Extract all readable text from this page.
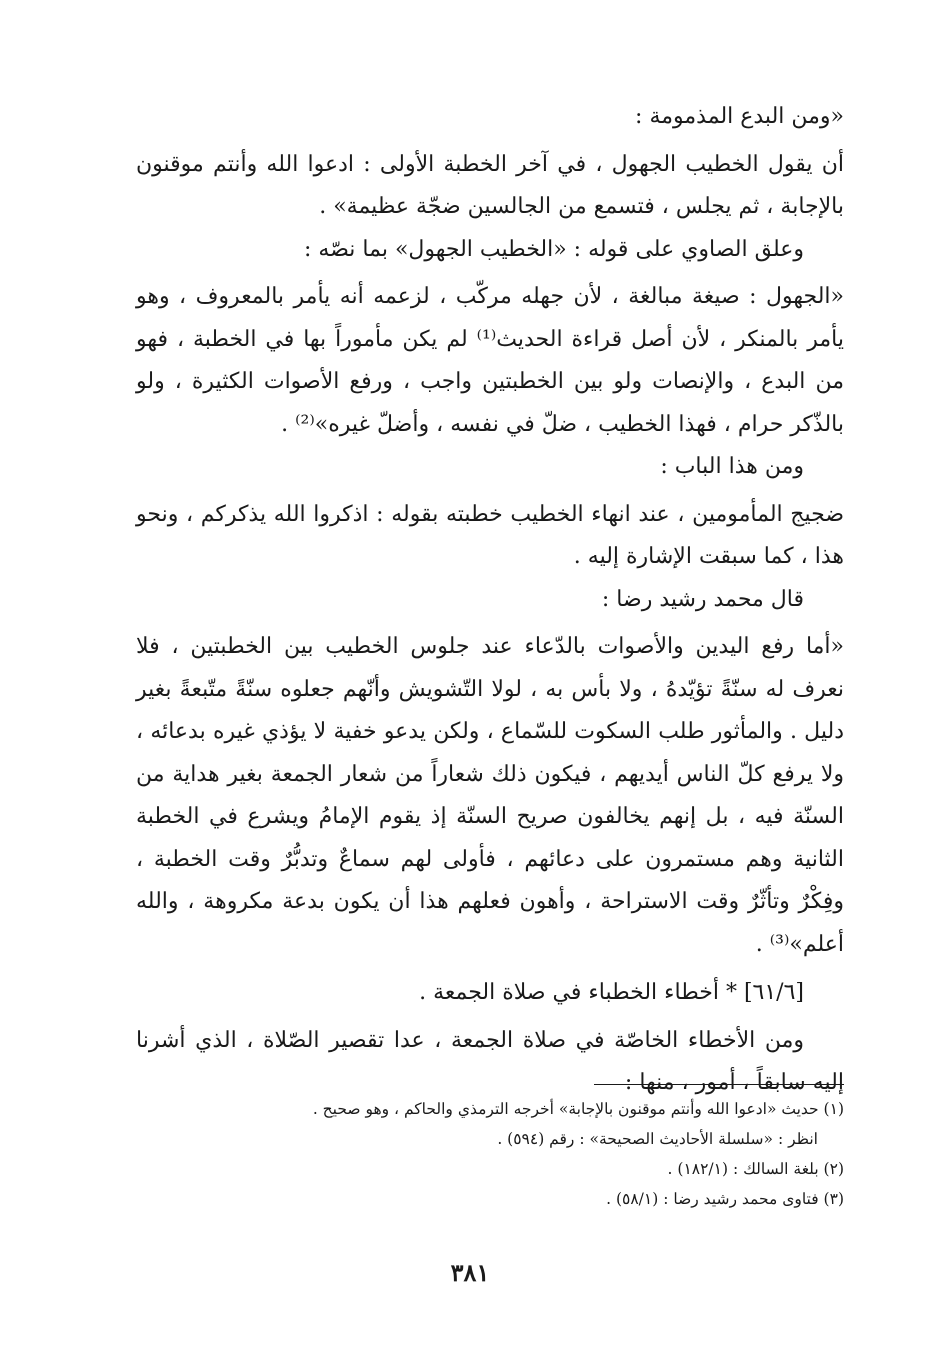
«ومن البدع المذمومة :

أن يقول الخطيب الجهول ، في آخر الخطبة الأولى : ادعوا الله وأنتم موقنون بالإجابة ، ثم يجلس ، فتسمع من الجالسين ضجّة عظيمة» .

وعلق الصاوي على قوله : «الخطيب الجهول» بما نصّه :

«الجهول : صيغة مبالغة ، لأن جهله مركّب ، لزعمه أنه يأمر بالمعروف ، وهو يأمر بالمنكر ، لأن أصل قراءة الحديث⁽¹⁾ لم يكن مأموراً بها في الخطبة ، فهو من البدع ، والإنصات ولو بين الخطبتين واجب ، ورفع الأصوات الكثيرة ، ولو بالذّكر حرام ، فهذا الخطيب ، ضلّ في نفسه ، وأضلّ غيره»⁽²⁾ .

ومن هذا الباب :

ضجيج المأمومين ، عند انهاء الخطيب خطبته بقوله : اذكروا الله يذكركم ، ونحو هذا ، كما سبقت الإشارة إليه .

قال محمد رشيد رضا :

«أما رفع اليدين والأصوات بالدّعاء عند جلوس الخطيب بين الخطبتين ، فلا نعرف له سنّةً تؤيّدهُ ، ولا بأس به ، لولا التّشويش وأنّهم جعلوه سنّةً متّبعةً بغير دليل . والمأثور طلب السكوت للسّماع ، ولكن يدعو خفية لا يؤذي غيره بدعائه ، ولا يرفع كلّ الناس أيديهم ، فيكون ذلك شعاراً من شعار الجمعة بغير هداية من السنّة فيه ، بل إنهم يخالفون صريح السنّة إذ يقوم الإمامُ ويشرع في الخطبة الثانية وهم مستمرون على دعائهم ، فأولى لهم سماعٌ وتدبُّرٌ وقت الخطبة ، وفِكْرٌ وتأثّرٌ وقت الاستراحة ، وأهون فعلهم هذا أن يكون بدعة مكروهة ، والله أعلم»⁽³⁾ .

[٦١/٦] * أخطاء الخطباء في صلاة الجمعة .

ومن الأخطاء الخاصّة في صلاة الجمعة ، عدا تقصير الصّلاة ، الذي أشرنا إليه سابقاً ، أمور ، منها :

(١) حديث «ادعوا الله وأنتم موقنون بالإجابة» أخرجه الترمذي والحاكم ، وهو صحيح .

انظر : «سلسلة الأحاديث الصحيحة» : رقم (٥٩٤) .

(٢) بلغة السالك : (١٨٢/١) .

(٣) فتاوى محمد رشيد رضا : (٥٨/١) .

٣٨١
